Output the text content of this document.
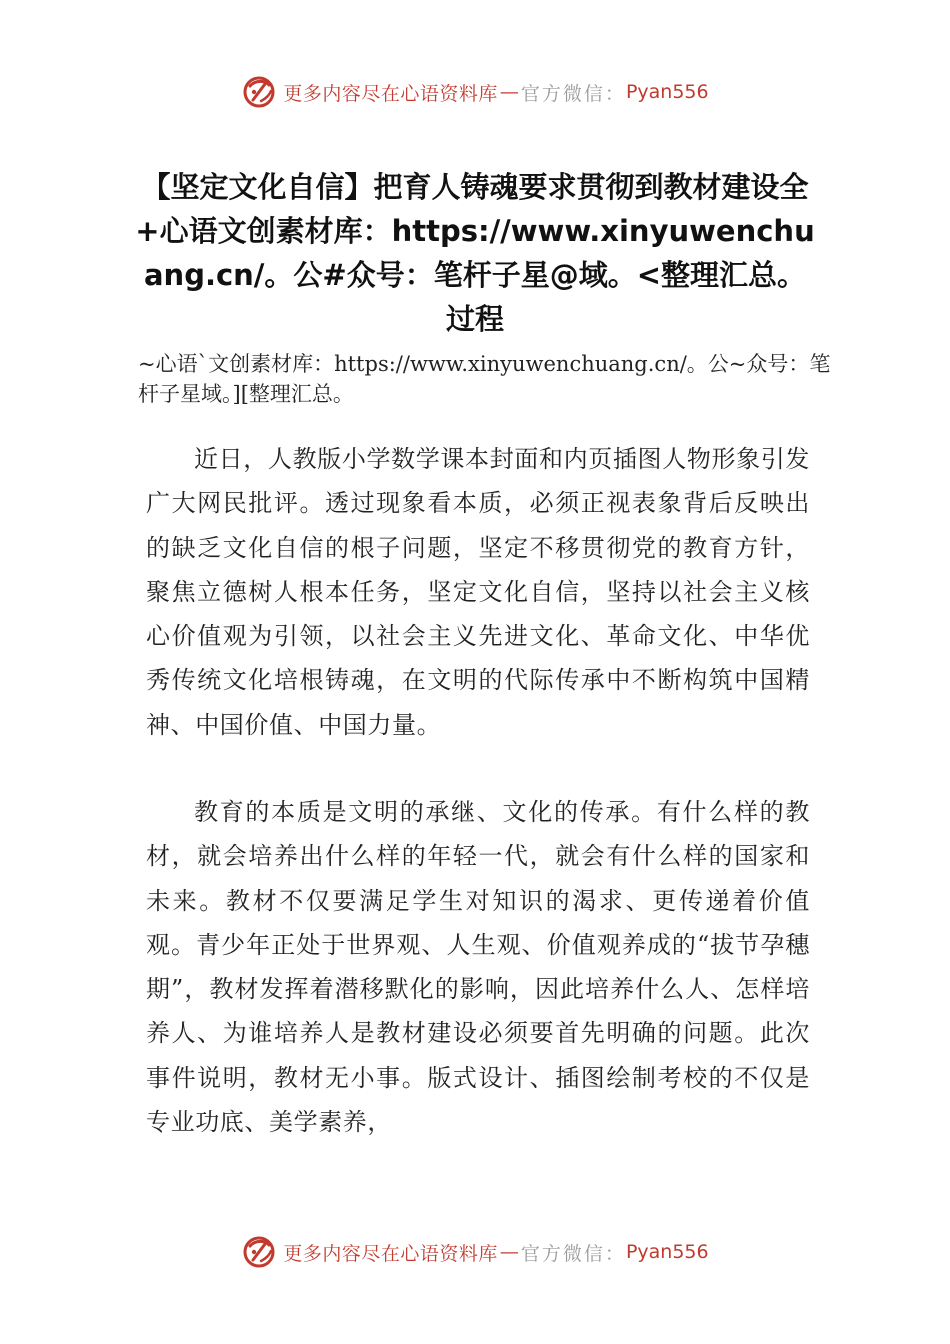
更多内容尽在心语资料库 — 官方微信： Pyan556
【坚定文化自信】把育人铸魂要求贯彻到教材建设全+心语文创素材库：https://www.xinyuwenchuang.cn/。公#众号：笔杆子星@域。<整理汇总。过程

~心语`文创素材库：https://www.xinyuwenchuang.cn/。公~众号：笔杆子星域。][整理汇总。

近日，人教版小学数学课本封面和内页插图人物形象引发广大网民批评。透过现象看本质，必须正视表象背后反映出的缺乏文化自信的根子问题，坚定不移贯彻党的教育方针，聚焦立德树人根本任务，坚定文化自信，坚持以社会主义核心价值观为引领，以社会主义先进文化、革命文化、中华优秀传统文化培根铸魂，在文明的代际传承中不断构筑中国精神、中国价值、中国力量。

教育的本质是文明的承继、文化的传承。有什么样的教材，就会培养出什么样的年轻一代，就会有什么样的国家和未来。教材不仅要满足学生对知识的渴求、更传递着价值观。青少年正处于世界观、人生观、价值观养成的“拔节孕穗期”，教材发挥着潜移默化的影响，因此培养什么人、怎样培养人、为谁培养人是教材建设必须要首先明确的问题。此次事件说明，教材无小事。版式设计、插图绘制考校的不仅是专业功底、美学素养，

更多内容尽在心语资料库 — 官方微信： Pyan556
